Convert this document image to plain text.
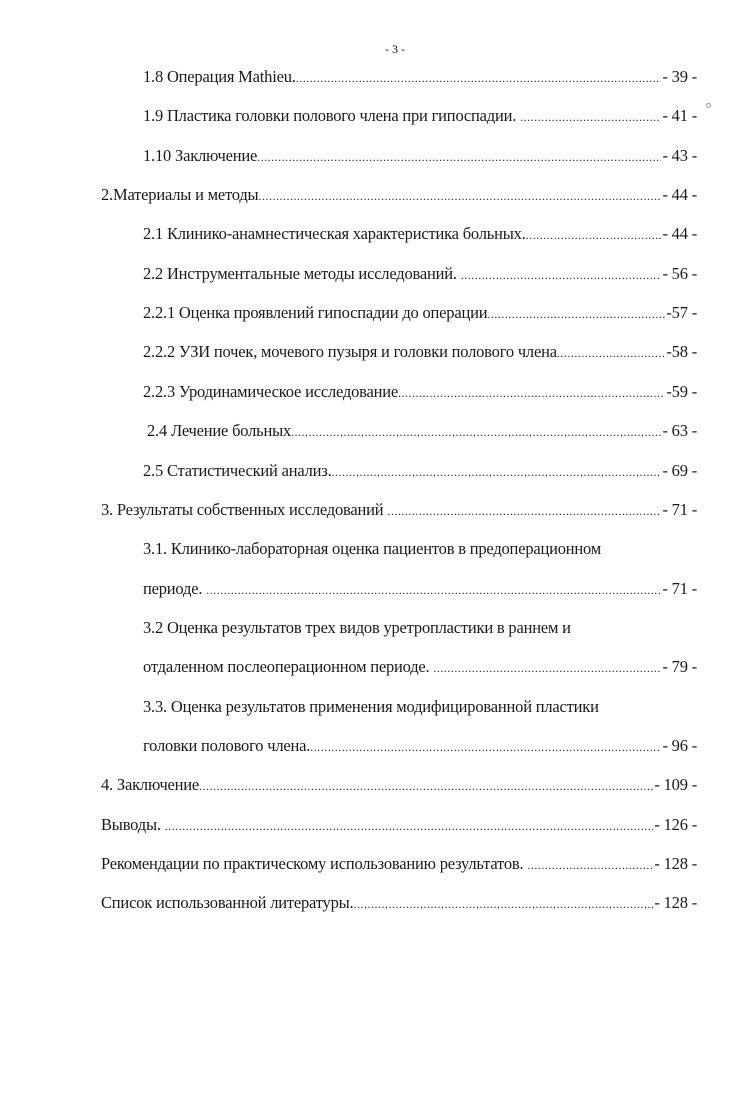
- 3 -
1.8 Операция Mathieu. .....	- 39 -
1.9 Пластика головки полового члена при гипоспадии. .....	- 41 -
1.10 Заключение .....	- 43 -
2.Материалы и методы .....	- 44 -
2.1 Клинико-анамнестическая характеристика больных. .....	- 44 -
2.2 Инструментальные методы исследований. .....	- 56 -
2.2.1 Оценка проявлений гипоспадии до операции .....	-57 -
2.2.2 УЗИ почек, мочевого пузыря и головки полового члена .....	-58 -
2.2.3 Уродинамическое исследование .....	-59 -
2.4 Лечение больных .....	- 63 -
2.5 Статистический анализ. .....	- 69 -
3. Результаты собственных исследований .....	- 71 -
3.1. Клинико-лабораторная оценка пациентов в предоперационном
периоде. .....	- 71 -
3.2 Оценка результатов трех видов уретропластики в раннем и
отдаленном послеоперационном периоде. .....	- 79 -
3.3. Оценка результатов применения модифицированной пластики
головки полового члена. .....	- 96 -
4. Заключение .....	- 109 -
Выводы. .....	- 126 -
Рекомендации по практическому использованию результатов. .....	- 128 -
Список использованной литературы. .....	- 128 -
